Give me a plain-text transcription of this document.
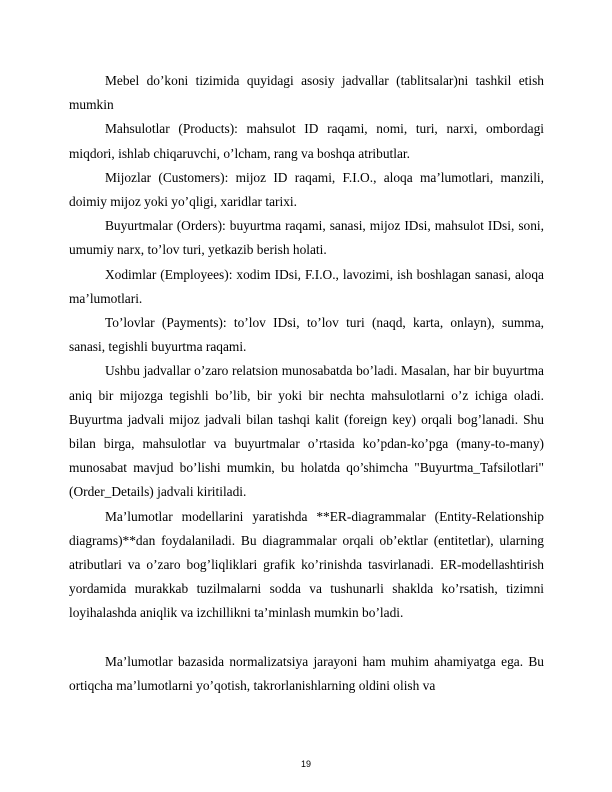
Mebel do’koni tizimida quyidagi asosiy jadvallar (tablitsalar)ni tashkil etish mumkin

Mahsulotlar (Products): mahsulot ID raqami, nomi, turi, narxi, ombordagi miqdori, ishlab chiqaruvchi, o’lcham, rang va boshqa atributlar.

Mijozlar (Customers): mijoz ID raqami, F.I.O., aloqa ma’lumotlari, manzili, doimiy mijoz yoki yo’qligi, xaridlar tarixi.

Buyurtmalar (Orders): buyurtma raqami, sanasi, mijoz IDsi, mahsulot IDsi, soni, umumiy narx, to’lov turi, yetkazib berish holati.

Xodimlar (Employees): xodim IDsi, F.I.O., lavozimi, ish boshlagan sanasi, aloqa ma’lumotlari.

To’lovlar (Payments): to’lov IDsi, to’lov turi (naqd, karta, onlayn), summa, sanasi, tegishli buyurtma raqami.

Ushbu jadvallar o’zaro relatsion munosabatda bo’ladi. Masalan, har bir buyurtma aniq bir mijozga tegishli bo’lib, bir yoki bir nechta mahsulotlarni o’z ichiga oladi. Buyurtma jadvali mijoz jadvali bilan tashqi kalit (foreign key) orqali bog’lanadi. Shu bilan birga, mahsulotlar va buyurtmalar o’rtasida ko’pdan-ko’pga (many-to-many) munosabat mavjud bo’lishi mumkin, bu holatda qo’shimcha "Buyurtma_Tafsilotlari" (Order_Details) jadvali kiritiladi.

Ma’lumotlar modellarini yaratishda **ER-diagrammalar (Entity-Relationship diagrams)**dan foydalaniladi. Bu diagrammalar orqali ob’ektlar (entitetlar), ularning atributlari va o’zaro bog’liqliklari grafik ko’rinishda tasvirlanadi. ER-modellashtirish yordamida murakkab tuzilmalarni sodda va tushunarli shaklda ko’rsatish, tizimni loyihalashda aniqlik va izchillikni ta’minlash mumkin bo’ladi.

Ma’lumotlar bazasida normalizatsiya jarayoni ham muhim ahamiyatga ega. Bu ortiqcha ma’lumotlarni yo’qotish, takrorlanishlarning oldini olish va

19
